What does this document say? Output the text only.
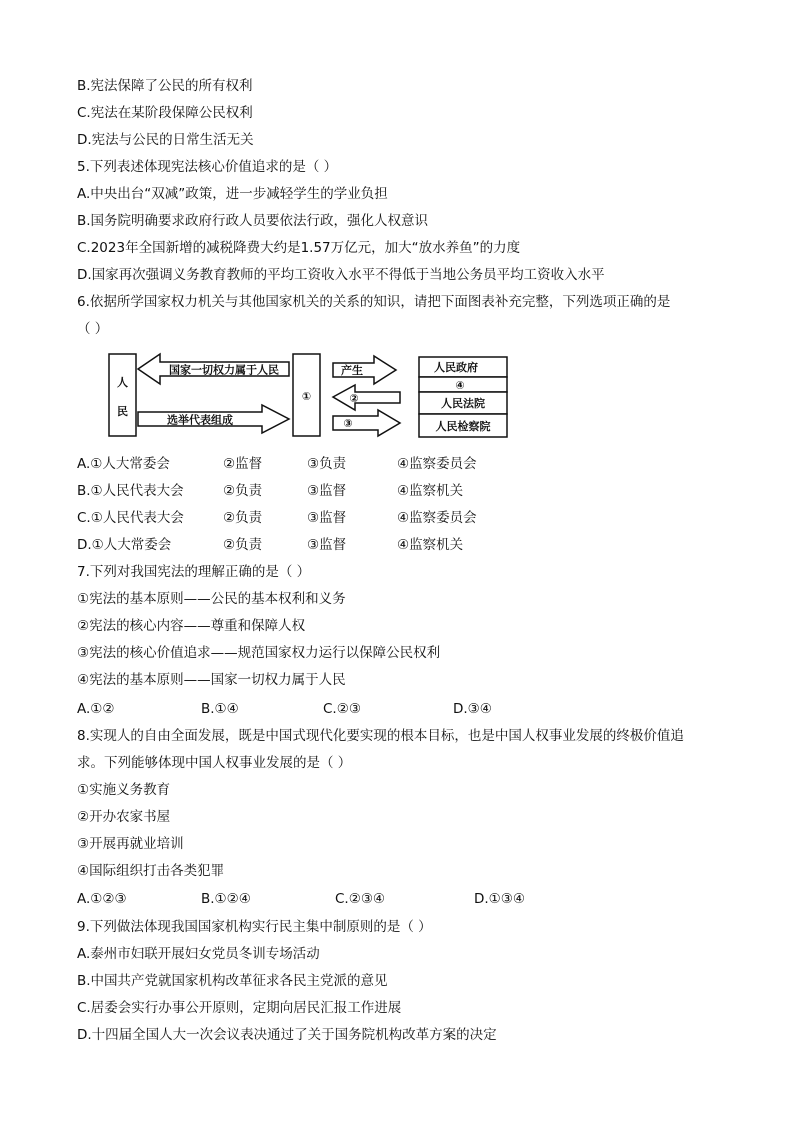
B.宪法保障了公民的所有权利
C.宪法在某阶段保障公民权利
D.宪法与公民的日常生活无关
5.下列表述体现宪法核心价值追求的是（ ）
A.中央出台“双减”政策，进一步减轻学生的学业负担
B.国务院明确要求政府行政人员要依法行政，强化人权意识
C.2023年全国新增的减税降费大约是1.57万亿元，加大“放水养鱼”的力度
D.国家再次强调义务教育教师的平均工资收入水平不得低于当地公务员平均工资收入水平
6.依据所学国家权力机关与其他国家机关的关系的知识，请把下面图表补充完整，下列选项正确的是
（ ）
人
民
国家一切权力属于人民
选举代表组成
①
产生
②
③
人民政府
④
人民法院
人民检察院
A.①人大常委会	②监督	③负责	④监察委员会
B.①人民代表大会	②负责	③监督	④监察机关
C.①人民代表大会	②负责	③监督	④监察委员会
D.①人大常委会	②负责	③监督	④监察机关
7.下列对我国宪法的理解正确的是（ ）
①宪法的基本原则——公民的基本权利和义务
②宪法的核心内容——尊重和保障人权
③宪法的核心价值追求——规范国家权力运行以保障公民权利
④宪法的基本原则——国家一切权力属于人民
A.①②	B.①④	C.②③	D.③④
8.实现人的自由全面发展，既是中国式现代化要实现的根本目标，也是中国人权事业发展的终极价值追
求。下列能够体现中国人权事业发展的是（ ）
①实施义务教育
②开办农家书屋
③开展再就业培训
④国际组织打击各类犯罪
A.①②③	B.①②④	C.②③④	D.①③④
9.下列做法体现我国国家机构实行民主集中制原则的是（ ）
A.泰州市妇联开展妇女党员冬训专场活动
B.中国共产党就国家机构改革征求各民主党派的意见
C.居委会实行办事公开原则，定期向居民汇报工作进展
D.十四届全国人大一次会议表决通过了关于国务院机构改革方案的决定
